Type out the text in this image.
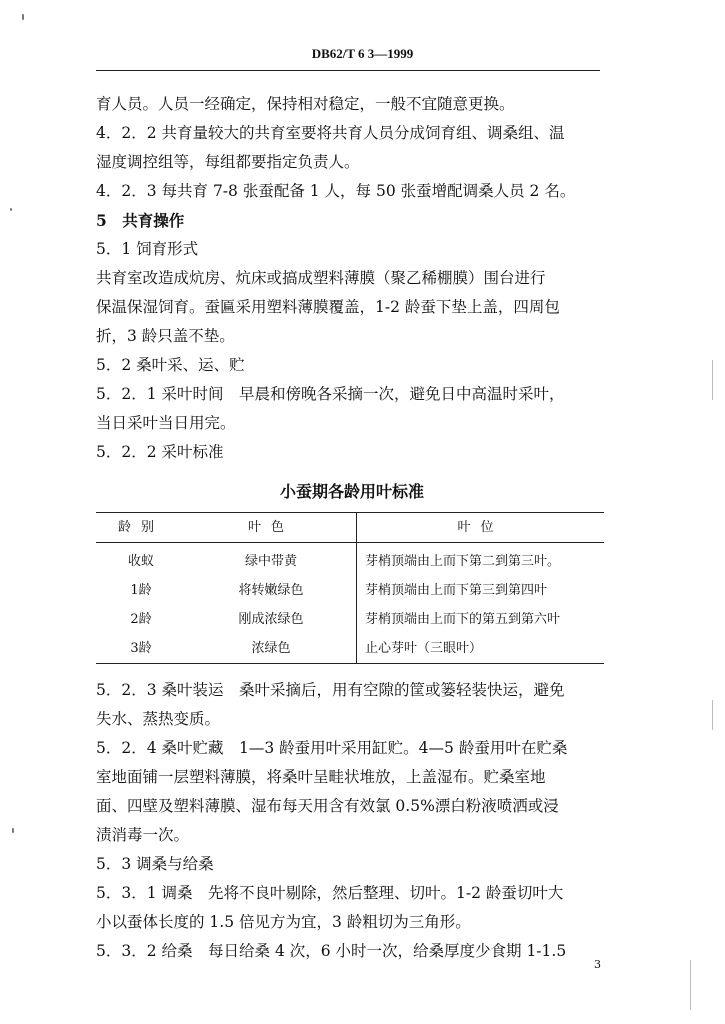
DB62/T 6 3—1999
育人员。人员一经确定，保持相对稳定，一般不宜随意更换。
4．2．2 共育量较大的共育室要将共育人员分成饲育组、调桑组、温
湿度调控组等，每组都要指定负责人。
4．2．3 每共育 7-8 张蚕配备 1 人，每 50 张蚕增配调桑人员 2 名。
5　共育操作
5．1 饲育形式
共育室改造成炕房、炕床或搞成塑料薄膜（聚乙稀棚膜）围台进行
保温保湿饲育。蚕匾采用塑料薄膜覆盖，1-2 龄蚕下垫上盖，四周包
折，3 龄只盖不垫。
5．2 桑叶采、运、贮
5．2．1 采叶时间　早晨和傍晚各采摘一次，避免日中高温时采叶，
当日采叶当日用完。
5．2．2 采叶标准
小蚕期各龄用叶标准
龄别	叶色	叶位
收蚁	绿中带黄	芽梢顶端由上而下第二到第三叶。
1龄	将转嫩绿色	芽梢顶端由上而下第三到第四叶
2龄	刚成浓绿色	芽梢顶端由上而下的第五到第六叶
3龄	浓绿色	止心芽叶（三眼叶）
5．2．3 桑叶装运　桑叶采摘后，用有空隙的筐或篓轻装快运，避免
失水、蒸热变质。
5．2．4 桑叶贮藏　1—3 龄蚕用叶采用缸贮。4—5 龄蚕用叶在贮桑
室地面铺一层塑料薄膜，将桑叶呈畦状堆放，上盖湿布。贮桑室地
面、四壁及塑料薄膜、湿布每天用含有效氯 0.5%漂白粉液喷洒或浸
渍消毒一次。
5．3 调桑与给桑
5．3．1 调桑　先将不良叶剔除，然后整理、切叶。1-2 龄蚕切叶大
小以蚕体长度的 1.5 倍见方为宜，3 龄粗切为三角形。
5．3．2 给桑　每日给桑 4 次，6 小时一次，给桑厚度少食期 1-1.5
3
